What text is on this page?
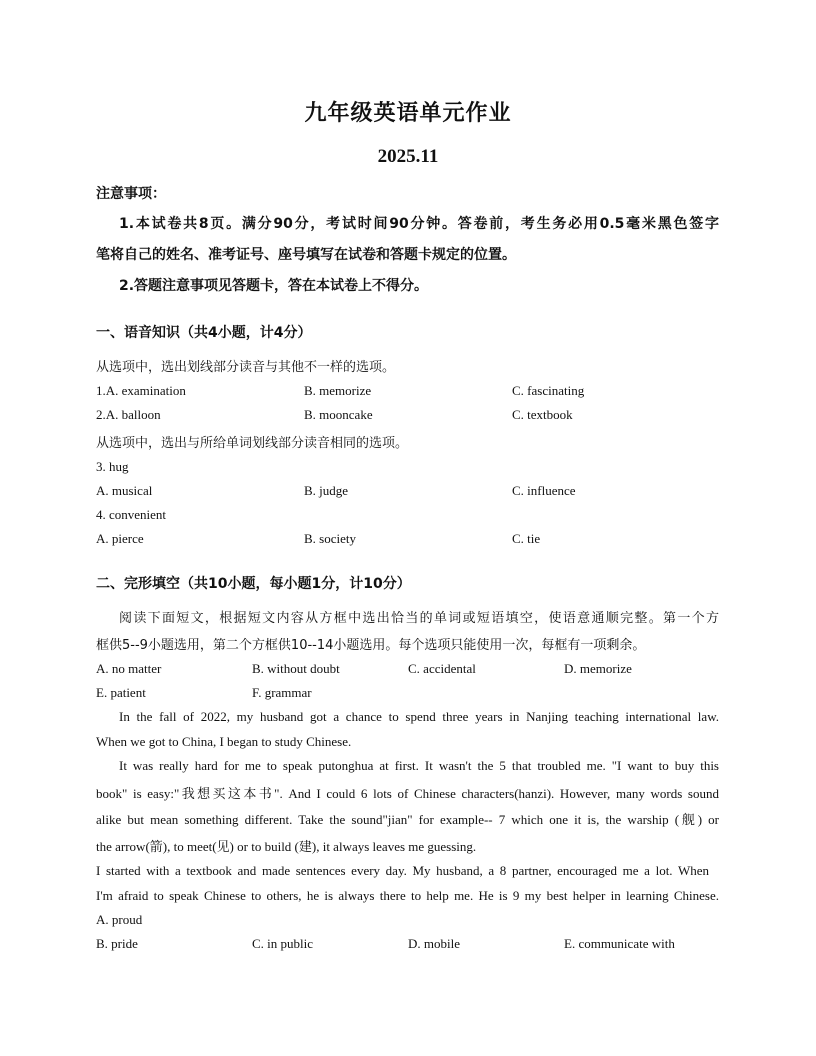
九年级英语单元作业
2025.11
注意事项：
1.本试卷共8页。满分90分，考试时间90分钟。答卷前，考生务必用0.5毫米黑色签字
笔将自己的姓名、准考证号、座号填写在试卷和答题卡规定的位置。
2.答题注意事项见答题卡，答在本试卷上不得分。
一、语音知识（共4小题，计4分）
从选项中，选出划线部分读音与其他不一样的选项。
1.A. examination	B. memorize	C. fascinating
2.A. balloon	B. mooncake	C. textbook
从选项中，选出与所给单词划线部分读音相同的选项。
3. hug
A. musical	B. judge	C. influence
4. convenient
A. pierce	B. society	C. tie
二、完形填空（共10小题，每小题1分，计10分）
阅读下面短文，根据短文内容从方框中选出恰当的单词或短语填空，使语意通顺完整。第一个方
框供5--9小题选用，第二个方框供10--14小题选用。每个选项只能使用一次，每框有一项剩余。
A. no matter	B. without doubt	C. accidental	D. memorize
E. patient	F. grammar
In the fall of 2022, my husband got a chance to spend three years in Nanjing teaching international law.
When we got to China, I began to study Chinese.
It was really hard for me to speak putonghua at first. It wasn't the 5 that troubled me. "I want to buy this
book" is easy:"我想买这本书". And I could 6 lots of Chinese characters(hanzi). However, many words sound
alike but mean something different. Take the sound"jian" for example-- 7 which one it is, the warship (舰) or
the arrow(箭), to meet(见) or to build (建), it always leaves me guessing.
I started with a textbook and made sentences every day. My husband, a 8 partner, encouraged me a lot. When
I'm afraid to speak Chinese to others, he is always there to help me. He is 9 my best helper in learning Chinese.
A. proud
B. pride	C. in public	D. mobile	E. communicate with
